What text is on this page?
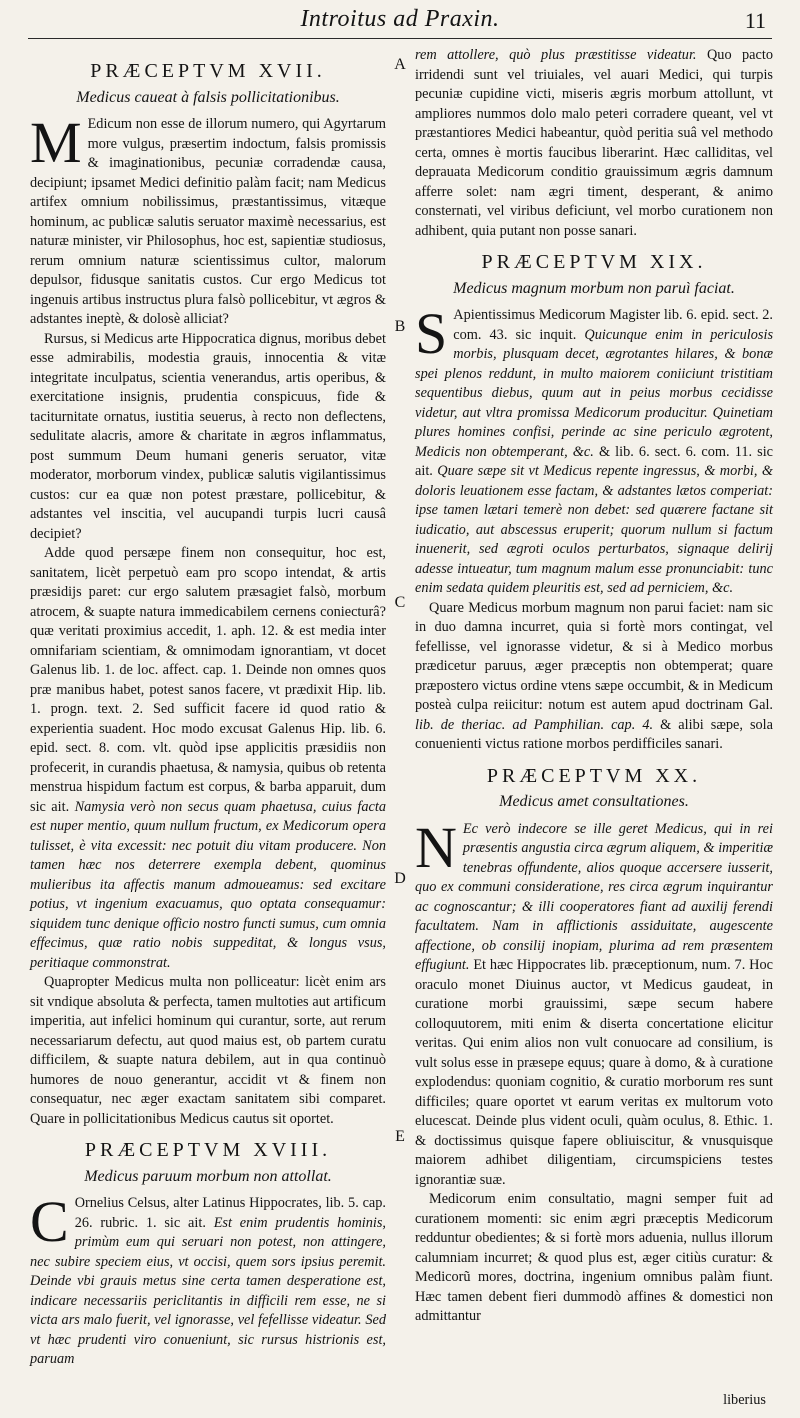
Introitus ad Praxin.	11
PRÆCEPTVM XVII.
Medicus caueat à falsis pollicitationibus.

M Edicum non esse de illorum numero, qui Agyrtarum more vulgus, præsertim indoctum, falsis promissis & imaginationibus, pecuniæ corradendæ causa, decipiunt; ipsamet Medici definitio palàm facit; nam Medicus artifex omnium nobilissimus, præstantissimus, vitæque hominum, ac publicæ salutis seruator maximè necessarius, est naturæ minister, vir Philosophus, hoc est, sapientiæ studiosus, rerum omnium naturæ scientissimus cultor, malorum depulsor, fidusque sanitatis custos. Cur ergo Medicus tot ingenuis artibus instructus plura falsò pollicebitur, vt ægros & adstantes ineptè, & dolosè alliciat?

Rursus, si Medicus arte Hippocratica dignus, moribus debet esse admirabilis, modestia grauis, innocentia & vitæ integritate inculpatus, scientia venerandus, artis operibus, & exercitatione insignis, prudentia conspicuus, fide & taciturnitate ornatus, iustitia seuerus, à recto non deflectens, sedulitate alacris, amore & charitate in ægros inflammatus, post summum Deum humani generis seruator, vitæ moderator, morborum vindex, publicæ salutis vigilantissimus custos: cur ea quæ non potest præstare, pollicebitur, & adstantes vel inscitia, vel aucupandi turpis lucri causâ decipiet?

Adde quod persæpe finem non consequitur, hoc est, sanitatem, licèt perpetuò eam pro scopo intendat, & artis præsidijs paret: cur ergo salutem præsagiet falsò, morbum atrocem, & suapte natura immedicabilem cernens coniecturâ? quæ veritati proximius accedit, 1. aph. 12. & est media inter omnifariam scientiam, & omnimodam ignorantiam, vt docet Galenus lib. 1. de loc. affect. cap. 1. Deinde non omnes quos præ manibus habet, potest sanos facere, vt prædixit Hip. lib. 1. progn. text. 2. Sed sufficit facere id quod ratio & experientia suadent. Hoc modo excusat Galenus Hip. lib. 6. epid. sect. 8. com. vlt. quòd ipse applicitis præsidiis non profecerit, in curandis phaetusa, & namysia, quibus ob retenta menstrua hispidum factum est corpus, & barba apparuit, dum sic ait. Namysia verò non secus quam phaetusa, cuius facta est nuper mentio, quum nullum fructum, ex Medicorum opera tulisset, è vita excessit: nec potuit diu vitam producere. Non tamen hæc nos deterrere exempla debent, quominus mulieribus ita affectis manum admoueamus: sed excitare potius, vt ingenium exacuamus, quo optata consequamur: siquidem tunc denique officio nostro functi sumus, cum omnia effecimus, quæ ratio nobis suppeditat, & longus vsus, peritiaque commonstrat.

Quapropter Medicus multa non polliceatur: licèt enim ars sit vndique absoluta & perfecta, tamen multoties aut artificum imperitia, aut infelici hominum qui curantur, sorte, aut rerum necessariarum defectu, aut quod maius est, ob partem curatu difficilem, & suapte natura debilem, aut in qua continuò humores de nouo generantur, accidit vt & finem non consequatur, nec æger exactam sanitatem sibi comparet. Quare in pollicitationibus Medicus cautus sit oportet.

PRÆCEPTVM XVIII.
Medicus paruum morbum non attollat.

C Ornelius Celsus, alter Latinus Hippocrates, lib. 5. cap. 26. rubric. 1. sic ait. Est enim prudentis hominis, primùm eum qui seruari non potest, non attingere, nec subire speciem eius, vt occisi, quem sors ipsius peremit. Deinde vbi grauis metus sine certa tamen desperatione est, indicare necessariis periclitantis in difficili rem esse, ne si victa ars malo fuerit, vel ignorasse, vel fefellisse videatur. Sed vt hæc prudenti viro conueniunt, sic rursus histrionis est, paruam

A
B
C
D
E

rem attollere, quò plus præstitisse videatur. Quo pacto irridendi sunt vel triuiales, vel auari Medici, qui turpis pecuniæ cupidine victi, miseris ægris morbum attollunt, vt ampliores nummos dolo malo peteri corradere queant, vel vt præstantiores Medici habeantur, quòd peritia suâ vel methodo certa, omnes è mortis faucibus liberarint. Hæc calliditas, vel deprauata Medicorum conditio grauissimum ægris damnum afferre solet: nam ægri timent, desperant, & animo consternati, vel viribus deficiunt, vel morbo curationem non adhibent, quia putant non posse sanari.

PRÆCEPTVM XIX.
Medicus magnum morbum non paruì faciat.

S Apientissimus Medicorum Magister lib. 6. epid. sect. 2. com. 43. sic inquit. Quicunque enim in periculosis morbis, plusquam decet, ægrotantes hilares, & bonæ spei plenos reddunt, in multo maiorem coniiciunt tristitiam sequentibus diebus, quum aut in peius morbus cecidisse videtur, aut vltra promissa Medicorum producitur. Quinetiam plures homines confisi, perinde ac sine periculo ægrotent, Medicis non obtemperant, &c. & lib. 6. sect. 6. com. 11. sic ait. Quare sæpe sit vt Medicus repente ingressus, & morbi, & doloris leuationem esse factam, & adstantes lætos comperiat: ipse tamen lætari temerè non debet: sed quærere factane sit iudicatio, aut abscessus eruperit; quorum nullum si factum inuenerit, sed ægroti oculos perturbatos, signaque delirij adesse intueatur, tum magnum malum esse pronunciabit: tunc enim sedata quidem pleuritis est, sed ad perniciem, &c.

Quare Medicus morbum magnum non parui faciet: nam sic in duo damna incurret, quia si fortè mors contingat, vel fefellisse, vel ignorasse videtur, & si à Medico morbus prædicetur paruus, æger præceptis non obtemperat; quare præpostero victus ordine vtens sæpe occumbit, & in Medicum posteà culpa reiicitur: notum est autem apud doctrinam Gal. lib. de theriac. ad Pamphilian. cap. 4. & alibi sæpe, sola conuenienti victus ratione morbos perdifficiles sanari.

PRÆCEPTVM XX.
Medicus amet consultationes.

N Ec verò indecore se ille geret Medicus, qui in rei præsentis angustia circa ægrum aliquem, & imperitiæ tenebras offundente, alios quoque accersere iusserit, quo ex communi consideratione, res circa ægrum inquirantur ac cognoscantur; & illi cooperatores fiant ad auxilij ferendi facultatem. Nam in afflictionis assiduitate, augescente affectione, ob consilij inopiam, plurima ad rem præsentem effugiunt. Et hæc Hippocrates lib. præceptionum, num. 7. Hoc oraculo monet Diuinus auctor, vt Medicus gaudeat, in curatione morbi grauissimi, sæpe secum habere colloquutorem, miti enim & diserta concertatione elicitur veritas. Qui enim alios non vult conuocare ad consilium, is vult solus esse in præsepe equus; quare à domo, & à curatione explodendus: quoniam cognitio, & curatio morborum res sunt difficiles; quare oportet vt earum veritas ex multorum voto elucescat. Deinde plus vident oculi, quàm oculus, 8. Ethic. 1. & doctissimus quisque fapere obliuiscitur, & vnusquisque maiorem adhibet diligentiam, circumspiciens testes ignorantiæ suæ.

Medicorum enim consultatio, magni semper fuit ad curationem momenti: sic enim ægri præceptis Medicorum redduntur obedientes; & si fortè mors aduenia, nullus illorum calumniam incurret; & quod plus est, æger citiùs curatur: & Medicorũ mores, doctrina, ingenium omnibus palàm fiunt. Hæc tamen debent fieri dummodò affines & domestici non admittantur

liberius
